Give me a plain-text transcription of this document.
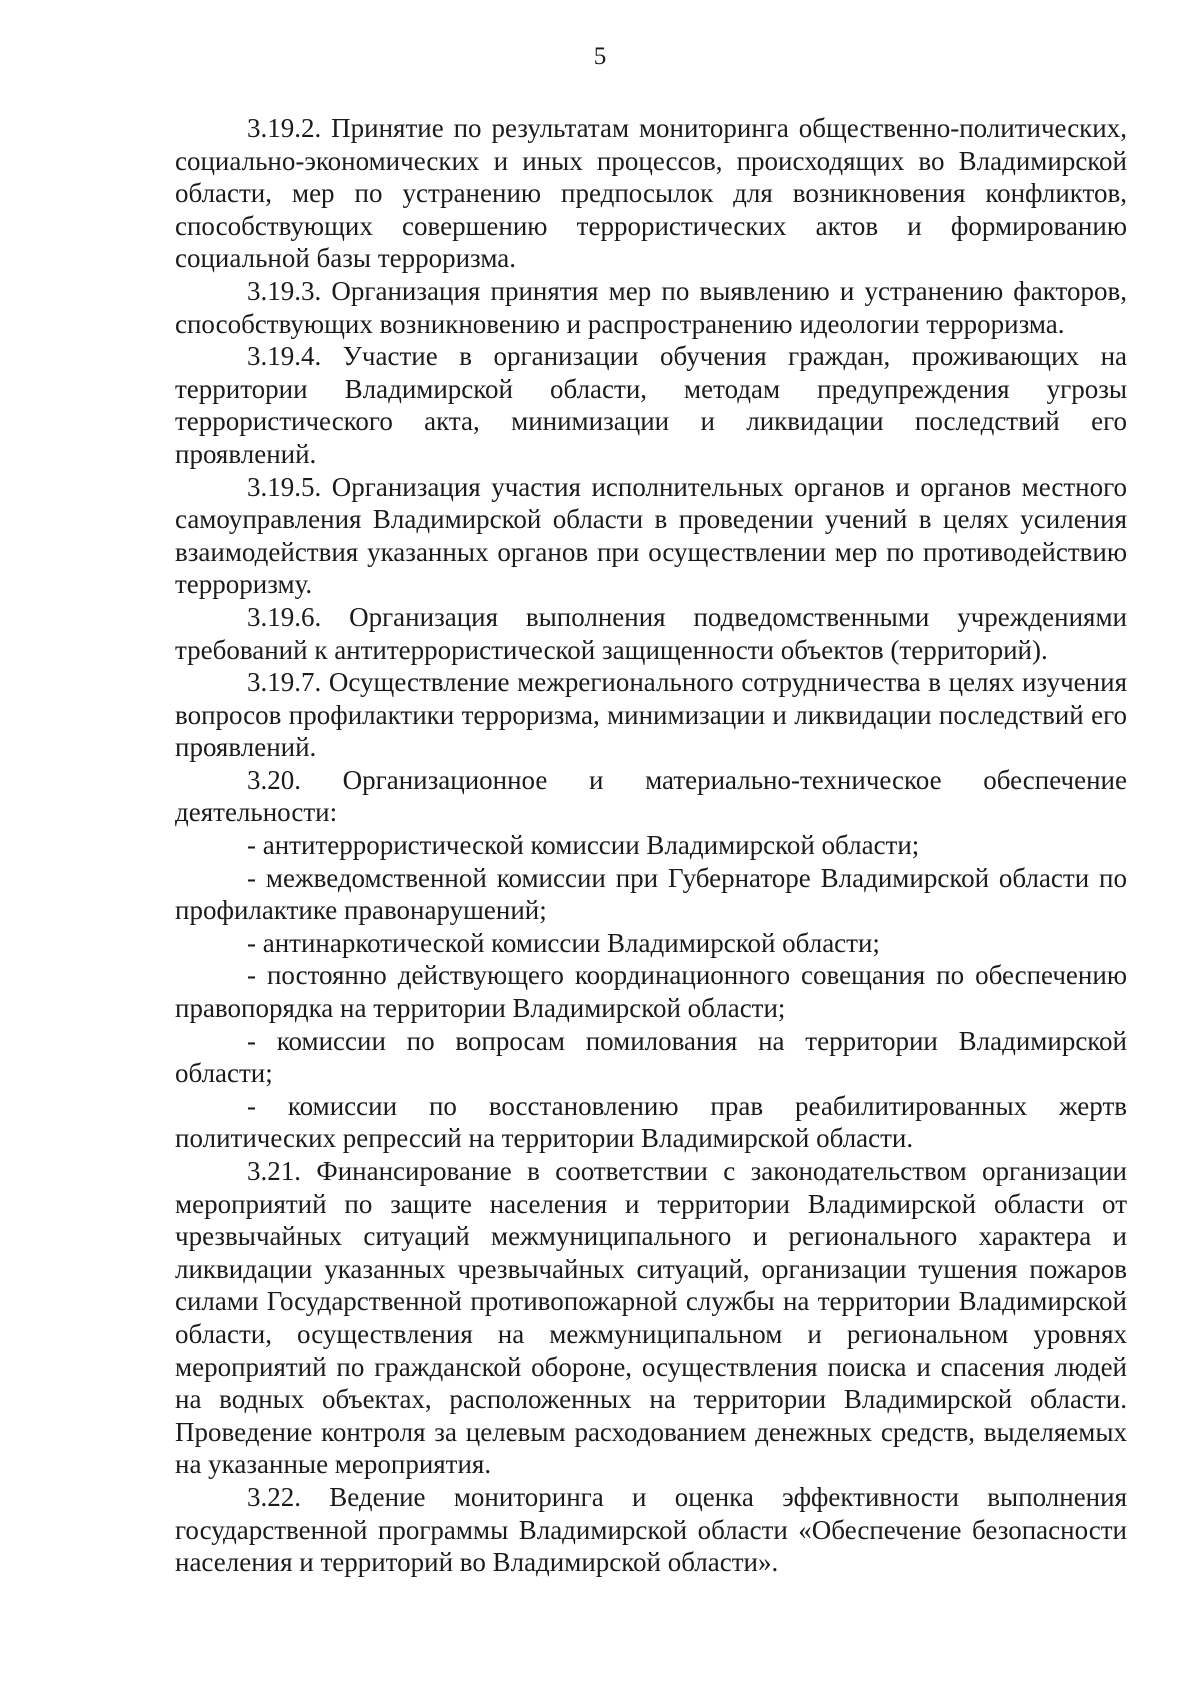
5

3.19.2. Принятие по результатам мониторинга общественно-политических, социально-экономических и иных процессов, происходящих во Владимирской области, мер по устранению предпосылок для возникновения конфликтов, способствующих совершению террористических актов и формированию социальной базы терроризма.

3.19.3. Организация принятия мер по выявлению и устранению факторов, способствующих возникновению и распространению идеологии терроризма.

3.19.4. Участие в организации обучения граждан, проживающих на территории Владимирской области, методам предупреждения угрозы террористического акта, минимизации и ликвидации последствий его проявлений.

3.19.5. Организация участия исполнительных органов и органов местного самоуправления Владимирской области в проведении учений в целях усиления взаимодействия указанных органов при осуществлении мер по противодействию терроризму.

3.19.6. Организация выполнения подведомственными учреждениями требований к антитеррористической защищенности объектов (территорий).

3.19.7. Осуществление межрегионального сотрудничества в целях изучения вопросов профилактики терроризма, минимизации и ликвидации последствий его проявлений.

3.20. Организационное и материально-техническое обеспечение деятельности:

- антитеррористической комиссии Владимирской области;

- межведомственной комиссии при Губернаторе Владимирской области по профилактике правонарушений;

- антинаркотической комиссии Владимирской области;

- постоянно действующего координационного совещания по обеспечению правопорядка на территории Владимирской области;

- комиссии по вопросам помилования на территории Владимирской области;

- комиссии по восстановлению прав реабилитированных жертв политических репрессий на территории Владимирской области.

3.21. Финансирование в соответствии с законодательством организации мероприятий по защите населения и территории Владимирской области от чрезвычайных ситуаций межмуниципального и регионального характера и ликвидации указанных чрезвычайных ситуаций, организации тушения пожаров силами Государственной противопожарной службы на территории Владимирской области, осуществления на межмуниципальном и региональном уровнях мероприятий по гражданской обороне, осуществления поиска и спасения людей на водных объектах, расположенных на территории Владимирской области. Проведение контроля за целевым расходованием денежных средств, выделяемых на указанные мероприятия.

3.22. Ведение мониторинга и оценка эффективности выполнения государственной программы Владимирской области «Обеспечение безопасности населения и территорий во Владимирской области».
